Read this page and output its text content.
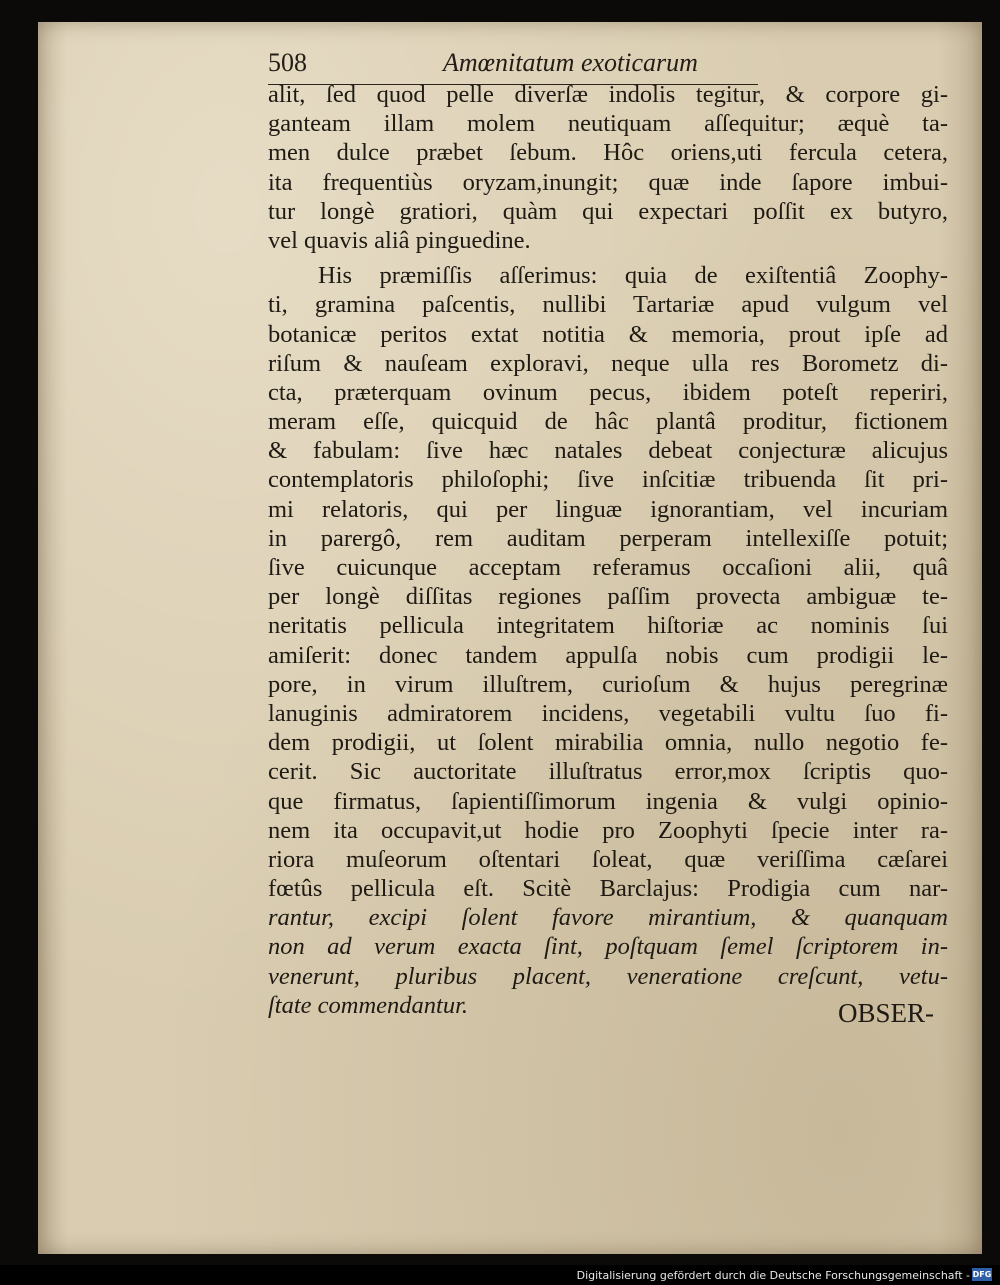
508	Amœnitatum exoticarum
alit, ſed quod pelle diverſæ indolis tegitur, & corpore gi-
ganteam illam molem neutiquam aſſequitur; æquè ta-
men dulce præbet ſebum. Hôc oriens,uti fercula cetera,
ita frequentiùs oryzam,inungit; quæ inde ſapore imbui-
tur longè gratiori, quàm qui expectari poſſit ex butyro,
vel quavis aliâ pinguedine.
His præmiſſis aſſerimus: quia de exiſtentiâ Zoophy-
ti, gramina paſcentis, nullibi Tartariæ apud vulgum vel
botanicæ peritos extat notitia & memoria, prout ipſe ad
riſum & nauſeam exploravi, neque ulla res Borometz di-
cta, præterquam ovinum pecus, ibidem poteſt reperiri,
meram eſſe, quicquid de hâc plantâ proditur, fictionem
& fabulam: ſive hæc natales debeat conjecturæ alicujus
contemplatoris philoſophi; ſive inſcitiæ tribuenda ſit pri-
mi relatoris, qui per linguæ ignorantiam, vel incuriam
in parergô, rem auditam perperam intellexiſſe potuit;
ſive cuicunque acceptam referamus occaſioni alii, quâ
per longè diſſitas regiones paſſim provecta ambiguæ te-
neritatis pellicula integritatem hiſtoriæ ac nominis ſui
amiſerit: donec tandem appulſa nobis cum prodigii le-
pore, in virum illuſtrem, curioſum & hujus peregrinæ
lanuginis admiratorem incidens, vegetabili vultu ſuo fi-
dem prodigii, ut ſolent mirabilia omnia, nullo negotio fe-
cerit. Sic auctoritate illuſtratus error,mox ſcriptis quo-
que firmatus, ſapientiſſimorum ingenia & vulgi opinio-
nem ita occupavit,ut hodie pro Zoophyti ſpecie inter ra-
riora muſeorum oſtentari ſoleat, quæ veriſſima cæſarei
fœtûs pellicula eſt. Scitè Barclajus: Prodigia cum nar-
rantur, excipi ſolent favore mirantium, & quanquam
non ad verum exacta ſint, poſtquam ſemel ſcriptorem in-
venerunt, pluribus placent, veneratione creſcunt, vetu-
ſtate commendantur.	OBSER-
Digitalisierung gefördert durch die Deutsche Forschungsgemeinschaft - DFG
